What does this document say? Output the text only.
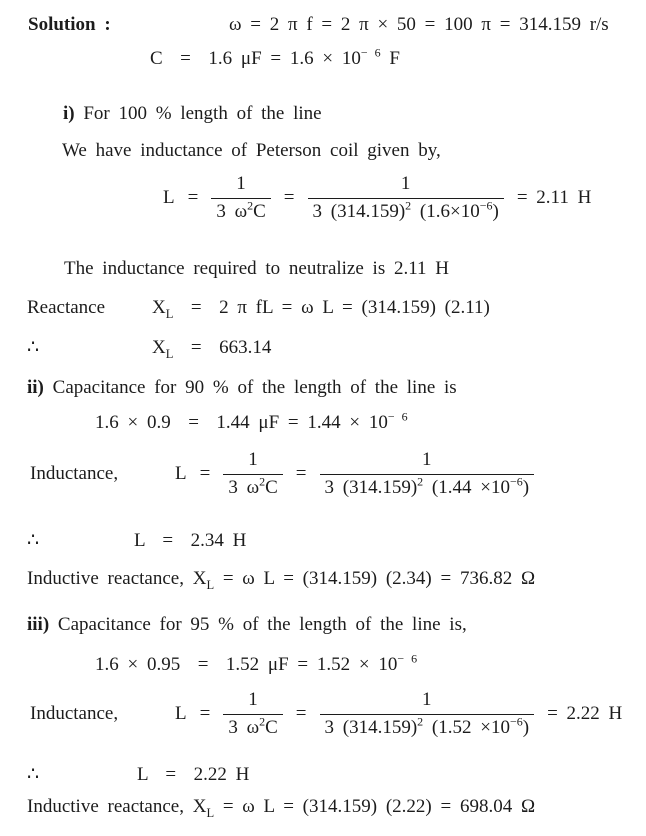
Solution :	ω = 2 π f = 2 π × 50 = 100 π = 314.159 r/s
C  =  1.6 $\mu F = 1.6 \times 10^{- 6}$ F
i) For 100 % length of the line
We have inductance of Peterson coil given by,
$L = \frac{1}{3 \omega^2C} = \frac{1}{3 (314.159)^2 (1.6\times 10^{-6})} = 2.11$ H
The inductance required to neutralize is 2.11 H
Reactance $X_L = 2$ π fL = ω L = (314.159) (2.11)
∴	$X_L = 663.14$
ii) Capacitance for 90 % of the length of the line is
1.6 × 0.9  =  1.44 $\mu F = 1.44 \times 10^{- 6}$
Inductance,	$L = \frac{1}{3 \omega^2C} = \frac{1}{3 (314.159)^2 (1.44 \times 10^{-6})}$
∴	L  =  2.34 H
Inductive reactance, $X_L = \omega$ L = (314.159) (2.34) = 736.82 Ω
iii) Capacitance for 95 % of the length of the line is,
1.6 × 0.95  =  1.52 $\mu F = 1.52 \times 10^{- 6}$
Inductance,	$L = \frac{1}{3 \omega^2C} = \frac{1}{3 (314.159)^2 (1.52 \times 10^{-6})} = 2.22$ H
∴	L  =  2.22 H
Inductive reactance, $X_L = \omega$ L = (314.159) (2.22) = 698.04 Ω
